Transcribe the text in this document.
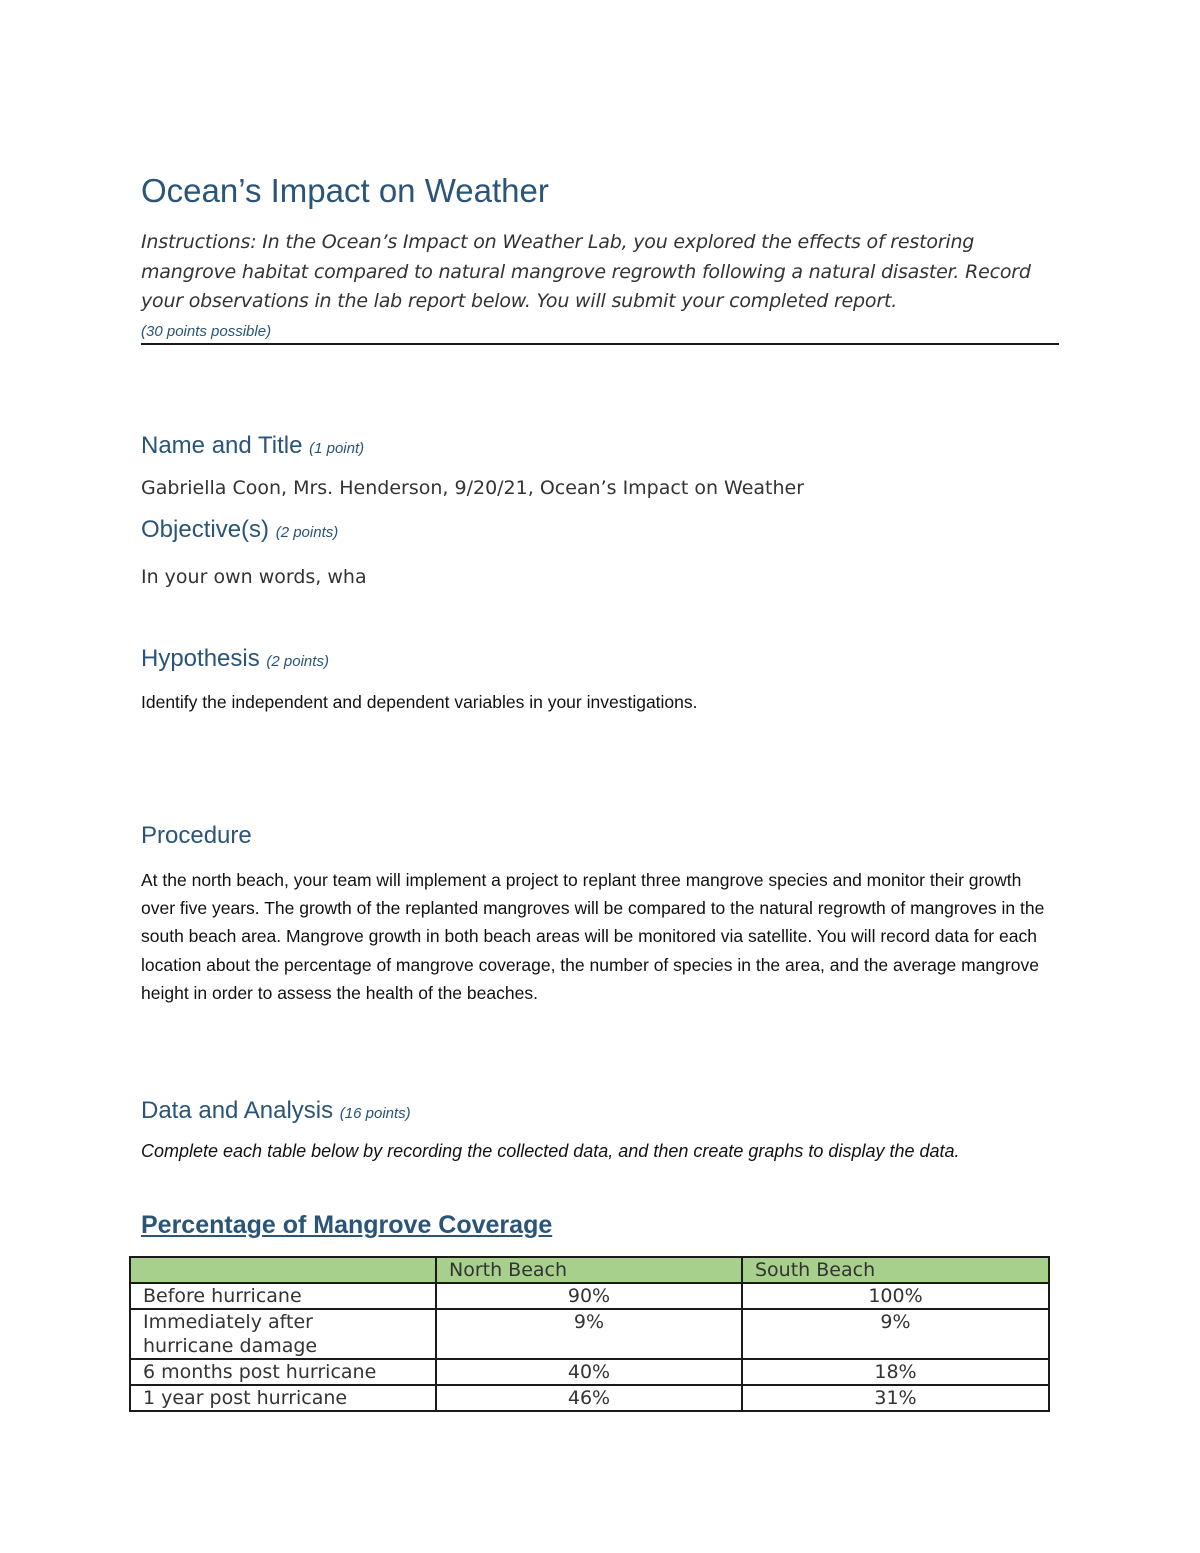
Ocean’s Impact on Weather

Instructions: In the Ocean’s Impact on Weather Lab, you explored the effects of restoring mangrove habitat compared to natural mangrove regrowth following a natural disaster. Record your observations in the lab report below. You will submit your completed report.

(30 points possible)

Name and Title (1 point)

Gabriella Coon, Mrs. Henderson, 9/20/21, Ocean’s Impact on Weather

Objective(s) (2 points)

In your own words, wha

Hypothesis (2 points)

Identify the independent and dependent variables in your investigations.

Procedure

At the north beach, your team will implement a project to replant three mangrove species and monitor their growth over five years. The growth of the replanted mangroves will be compared to the natural regrowth of mangroves in the south beach area. Mangrove growth in both beach areas will be monitored via satellite. You will record data for each location about the percentage of mangrove coverage, the number of species in the area, and the average mangrove height in order to assess the health of the beaches.

Data and Analysis (16 points)

Complete each table below by recording the collected data, and then create graphs to display the data.

Percentage of Mangrove Coverage

	North Beach	South Beach
Before hurricane	90%	100%
Immediately after hurricane damage	9%	9%
6 months post hurricane	40%	18%
1 year post hurricane	46%	31%
